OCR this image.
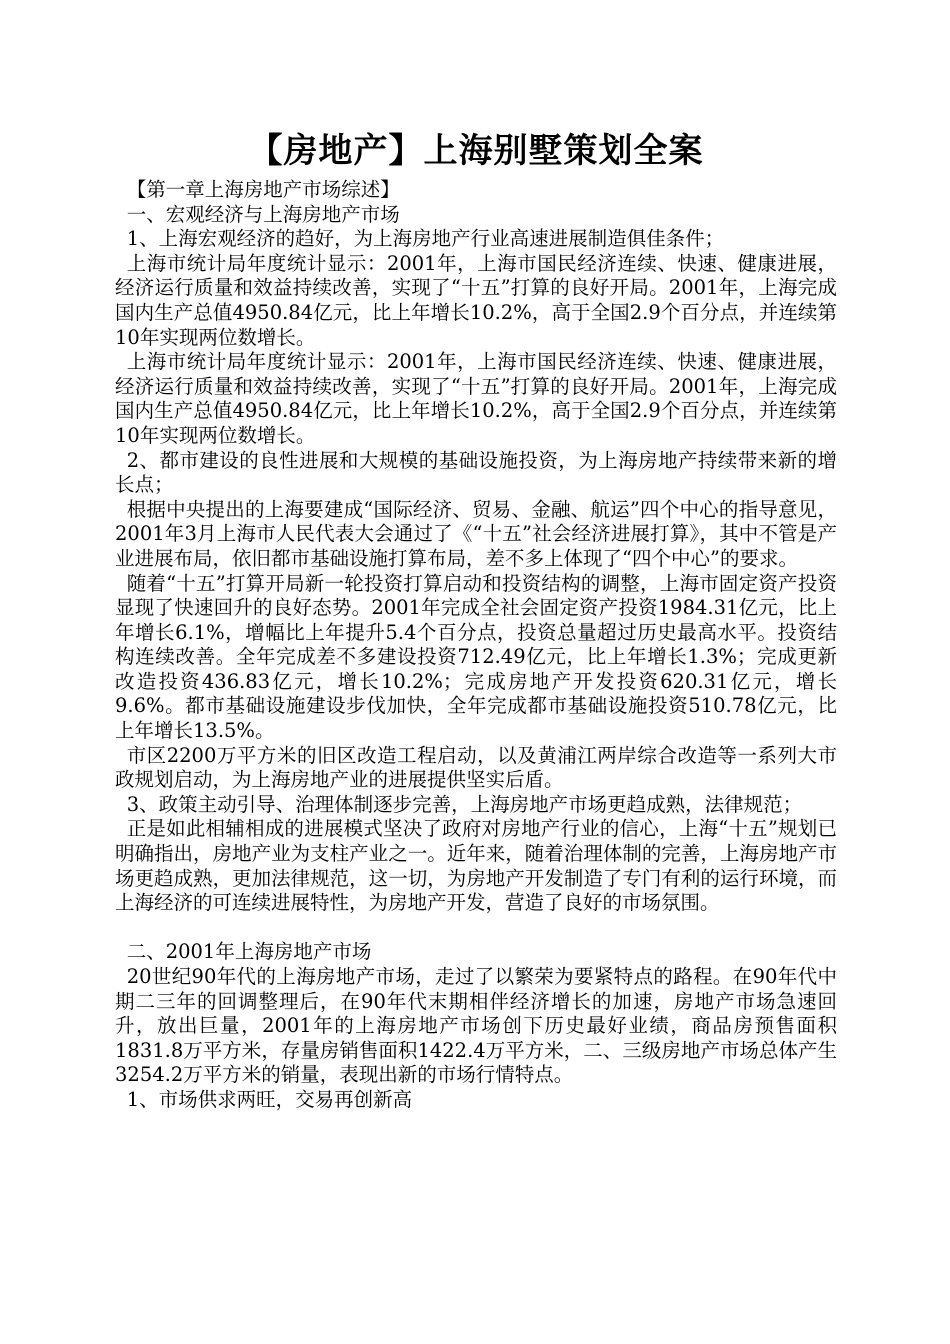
【房地产】上海别墅策划全案

【第一章上海房地产市场综述】

一、宏观经济与上海房地产市场

1、上海宏观经济的趋好，为上海房地产行业高速进展制造俱佳条件；

上海市统计局年度统计显示：2001年，上海市国民经济连续、快速、健康进展，经济运行质量和效益持续改善，实现了“十五”打算的良好开局。2001年，上海完成国内生产总值4950.84亿元，比上年增长10.2%，高于全国2.9个百分点，并连续第10年实现两位数增长。

上海市统计局年度统计显示：2001年，上海市国民经济连续、快速、健康进展，经济运行质量和效益持续改善，实现了“十五”打算的良好开局。2001年，上海完成国内生产总值4950.84亿元，比上年增长10.2%，高于全国2.9个百分点，并连续第10年实现两位数增长。

2、都市建设的良性进展和大规模的基础设施投资，为上海房地产持续带来新的增长点；

根据中央提出的上海要建成“国际经济、贸易、金融、航运”四个中心的指导意见，2001年3月上海市人民代表大会通过了《“十五”社会经济进展打算》，其中不管是产业进展布局，依旧都市基础设施打算布局，差不多上体现了“四个中心”的要求。

随着“十五”打算开局新一轮投资打算启动和投资结构的调整，上海市固定资产投资显现了快速回升的良好态势。2001年完成全社会固定资产投资1984.31亿元，比上年增长6.1%，增幅比上年提升5.4个百分点，投资总量超过历史最高水平。投资结构连续改善。全年完成差不多建设投资712.49亿元，比上年增长1.3%；完成更新改造投资436.83亿元，增长10.2%；完成房地产开发投资620.31亿元，增长9.6%。都市基础设施建设步伐加快，全年完成都市基础设施投资510.78亿元，比上年增长13.5%。

市区2200万平方米的旧区改造工程启动，以及黄浦江两岸综合改造等一系列大市政规划启动，为上海房地产业的进展提供坚实后盾。

3、政策主动引导、治理体制逐步完善，上海房地产市场更趋成熟，法律规范；

正是如此相辅相成的进展模式坚决了政府对房地产行业的信心，上海“十五”规划已明确指出，房地产业为支柱产业之一。近年来，随着治理体制的完善，上海房地产市场更趋成熟，更加法律规范，这一切，为房地产开发制造了专门有利的运行环境，而上海经济的可连续进展特性，为房地产开发，营造了良好的市场氛围。

二、2001年上海房地产市场

20世纪90年代的上海房地产市场，走过了以繁荣为要紧特点的路程。在90年代中期二三年的回调整理后，在90年代末期相伴经济增长的加速，房地产市场急速回升，放出巨量，2001年的上海房地产市场创下历史最好业绩，商品房预售面积1831.8万平方米，存量房销售面积1422.4万平方米，二、三级房地产市场总体产生3254.2万平方米的销量，表现出新的市场行情特点。

1、市场供求两旺，交易再创新高
